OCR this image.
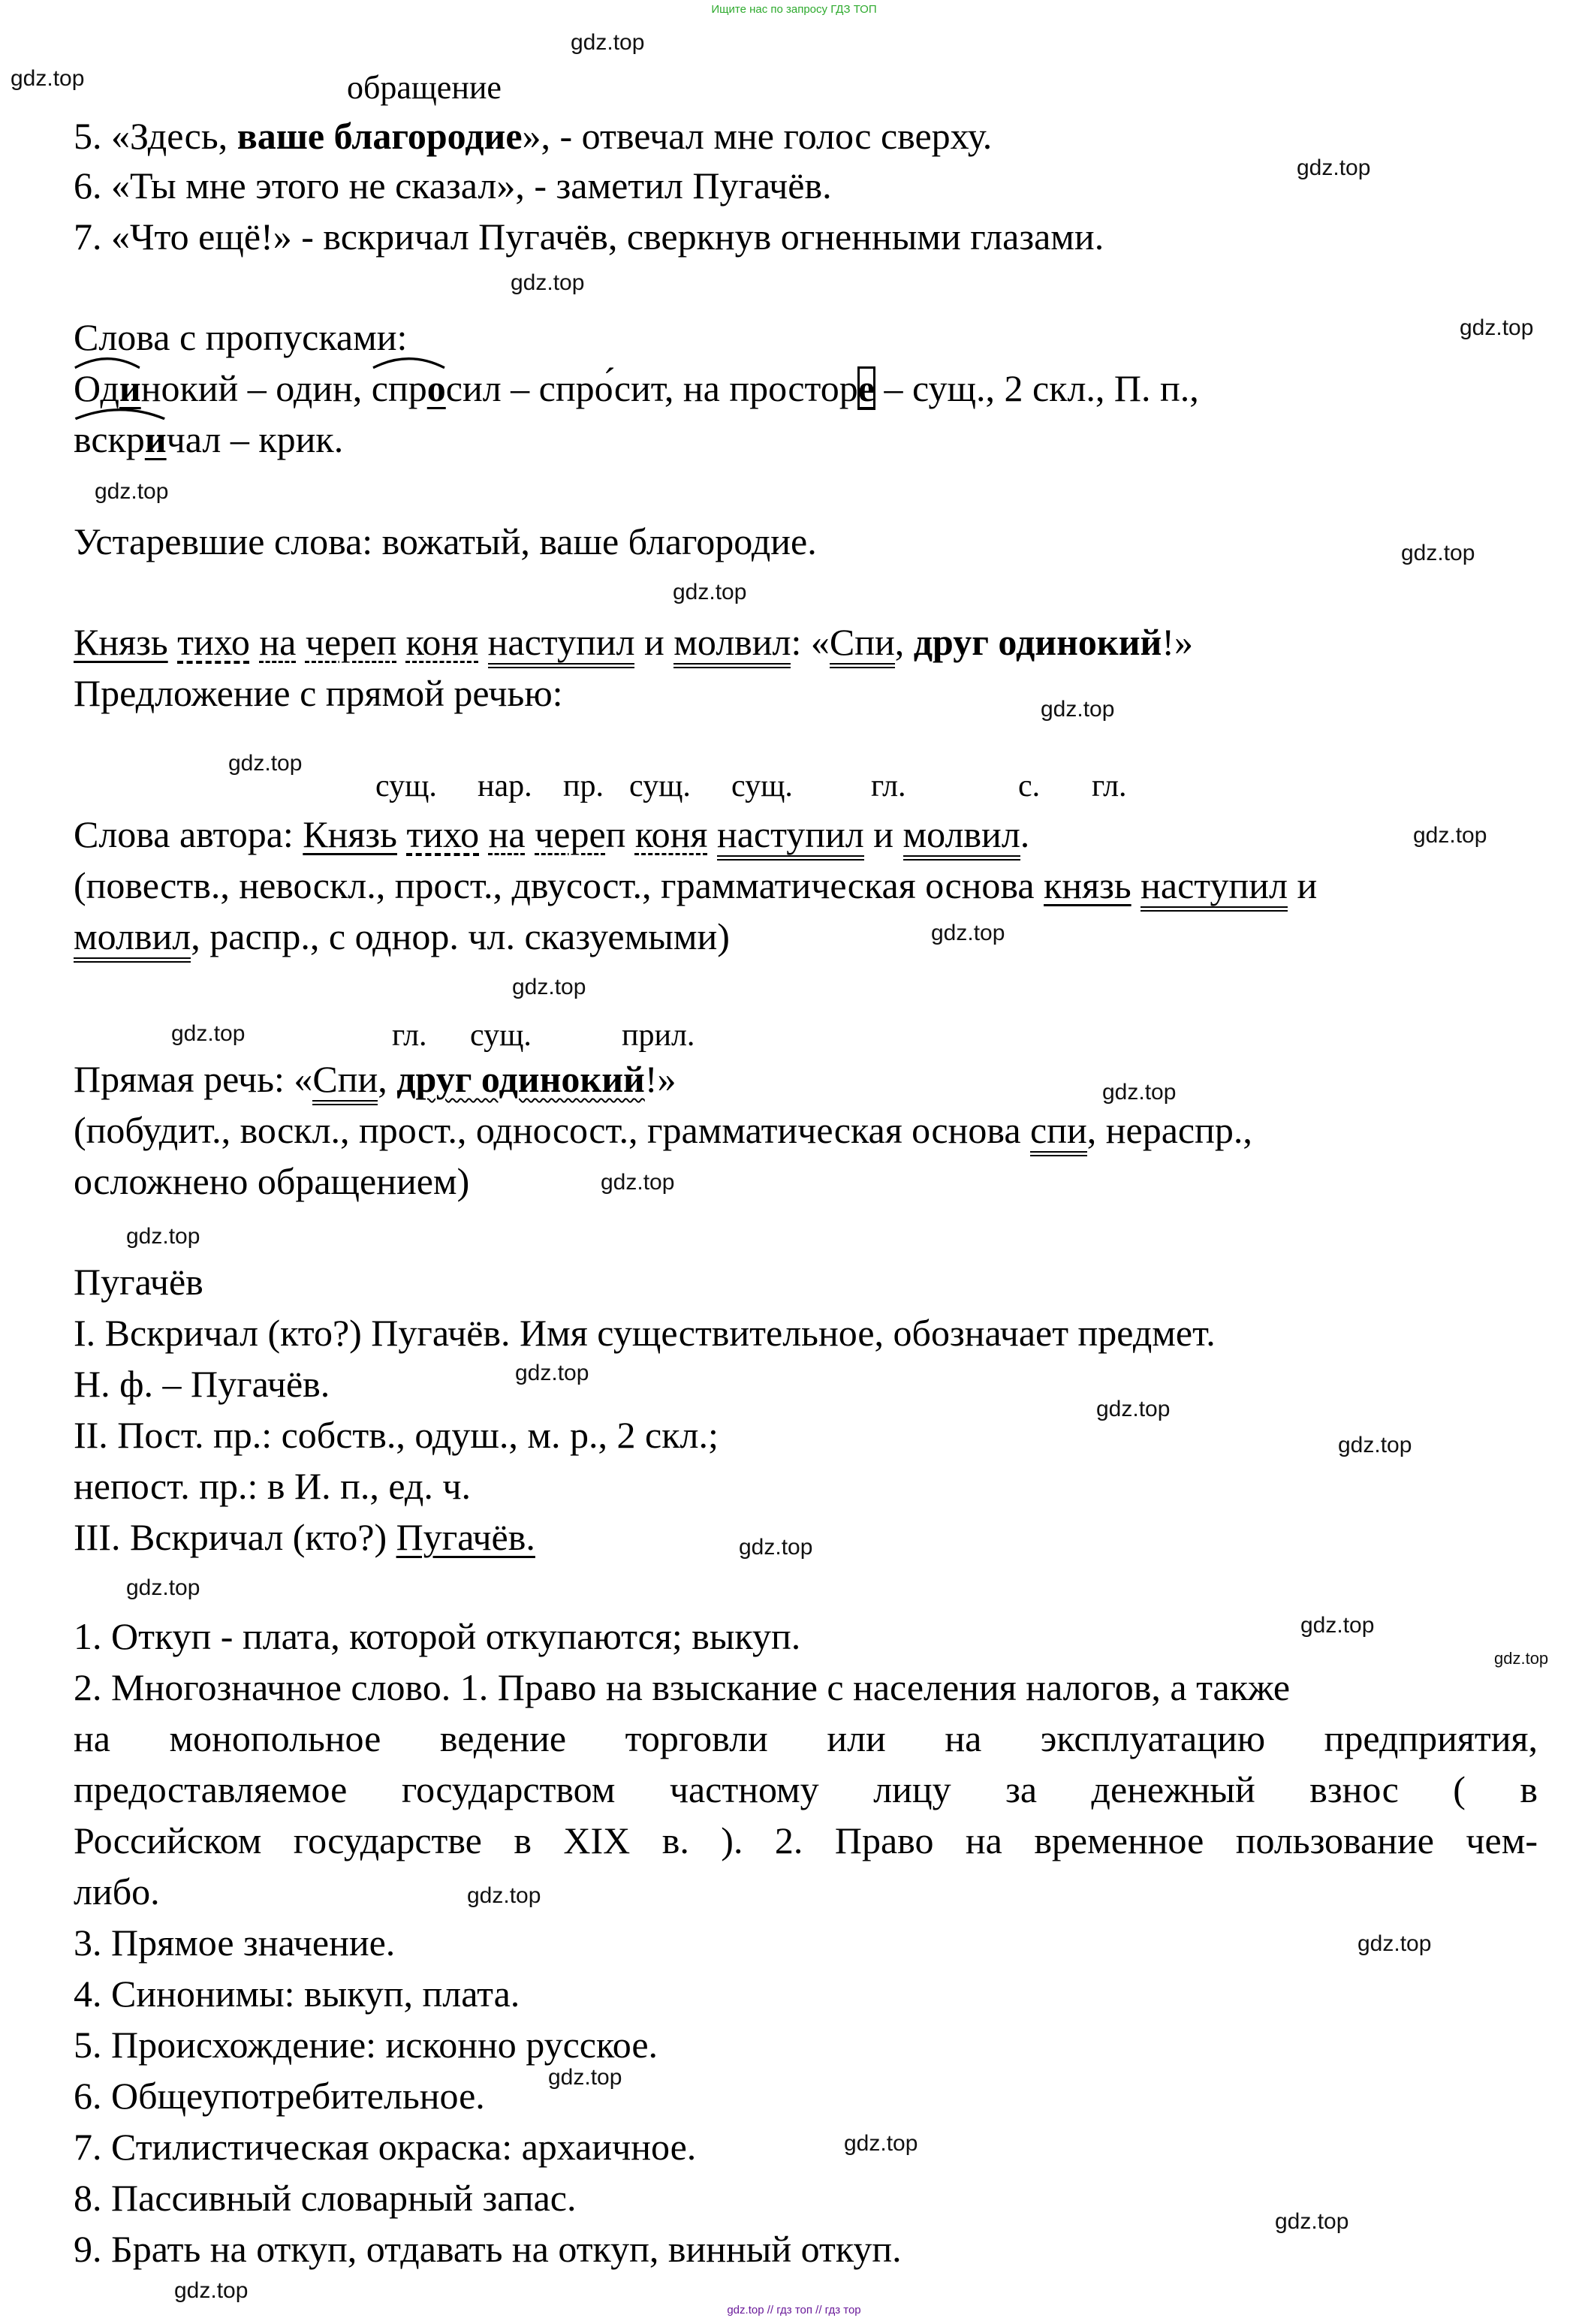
Ищите нас по запросу ГДЗ ТОП
gdz.top
gdz.top
gdz.top
gdz.top
gdz.top
gdz.top
gdz.top
gdz.top
gdz.top
gdz.top
gdz.top
gdz.top
gdz.top
gdz.top
gdz.top
gdz.top
gdz.top
gdz.top
gdz.top
gdz.top
gdz.top
gdz.top
gdz.top
gdz.top
gdz.top
gdz.top
gdz.top
gdz.top
gdz.top
gdz.top
обращение
5. «Здесь, ваше благородие», - отвечал мне голос сверху.
6. «Ты мне этого не сказал», - заметил Пугачёв.
7. «Что ещё!» - вскричал Пугачёв, сверкнув огненными глазами.
Слова с пропусками:
Одинокий – один,
спросил – спро́сит, на просторе – сущ., 2 скл., П. п.,
вскричал – крик.
Устаревшие слова: вожатый, ваше благородие.
Князь тихо на череп коня наступил и молвил: «Спи, друг одинокий!»
Предложение с прямой речью:
сущ. нар. пр. сущ. сущ. гл.	с. гл.
Слова автора: Князь тихо на череп коня наступил и молвил.
(повеств., невоскл., прост., двусост., грамматическая основа князь наступил и
молвил, распр., с однор. чл. сказуемыми)
гл. сущ.	прил.
Прямая речь: «Спи, друг одинокий!»
(побудит., воскл., прост., односост., грамматическая основа спи, нераспр.,
осложнено обращением)
Пугачёв
I. Вскричал (кто?) Пугачёв. Имя существительное, обозначает предмет.
Н. ф. – Пугачёв.
II. Пост. пр.: собств., одуш., м. р., 2 скл.;
непост. пр.: в И. п., ед. ч.
III. Вскричал (кто?) Пугачёв.
1. Откуп - плата, которой откупаются; выкуп.
2. Многозначное слово. 1. Право на взыскание с населения налогов, а также
на монопольное ведение торговли или на эксплуатацию предприятия,
предоставляемое государством частному лицу за денежный взнос ( в
Российском государстве в XIX в. ). 2. Право на временное пользование чем-
либо.
3. Прямое значение.
4. Синонимы: выкуп, плата.
5. Происхождение: исконно русское.
6. Общеупотребительное.
7. Стилистическая окраска: архаичное.
8. Пассивный словарный запас.
9. Брать на откуп, отдавать на откуп, винный откуп.
gdz.top // гдз топ // гдз тор
